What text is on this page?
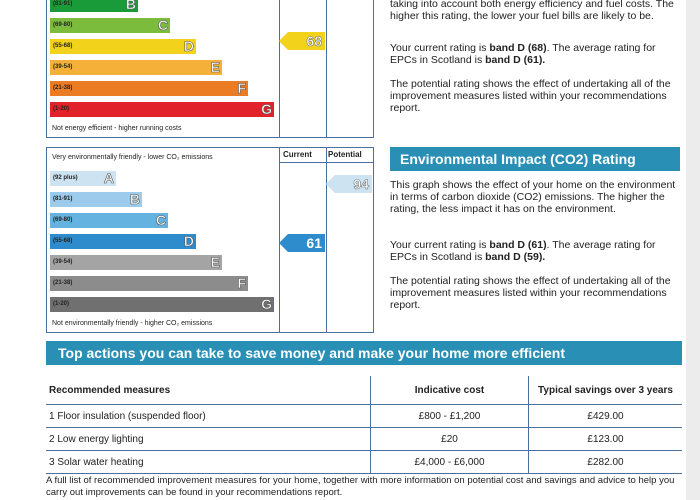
(81-91)	B
(69-80)	C
(55-68)	D
(39-54)	E
(21-38)	F
(1-20)	G
68
Not energy efficient - higher running costs
Current Potential
Very environmentally friendly - lower CO₂ emissions
(92 plus) A
(81-91)	B
(69-80)	C
(55-68)	D
(39-54)	E
(21-38)	F
(1-20)	G
94
61
Not environmentally friendly - higher CO₂ emissions
taking into account both energy efficiency and fuel costs. The higher this rating, the lower your fuel bills are likely to be.
Your current rating is band D (68). The average rating for EPCs in Scotland is band D (61).
The potential rating shows the effect of undertaking all of the improvement measures listed within your recommendations report.
Environmental Impact (CO2) Rating
This graph shows the effect of your home on the environment in terms of carbon dioxide (CO2) emissions. The higher the rating, the less impact it has on the environment.
Your current rating is band D (61). The average rating for EPCs in Scotland is band D (59).
The potential rating shows the effect of undertaking all of the improvement measures listed within your recommendations report.
Top actions you can take to save money and make your home more efficient
Recommended measures	Indicative cost	Typical savings over 3 years
1 Floor insulation (suspended floor)	£800 - £1,200	£429.00
2 Low energy lighting	£20	£123.00
3 Solar water heating	£4,000 - £6,000	£282.00
A full list of recommended improvement measures for your home, together with more information on potential cost and savings and advice to help you carry out improvements can be found in your recommendations report.
